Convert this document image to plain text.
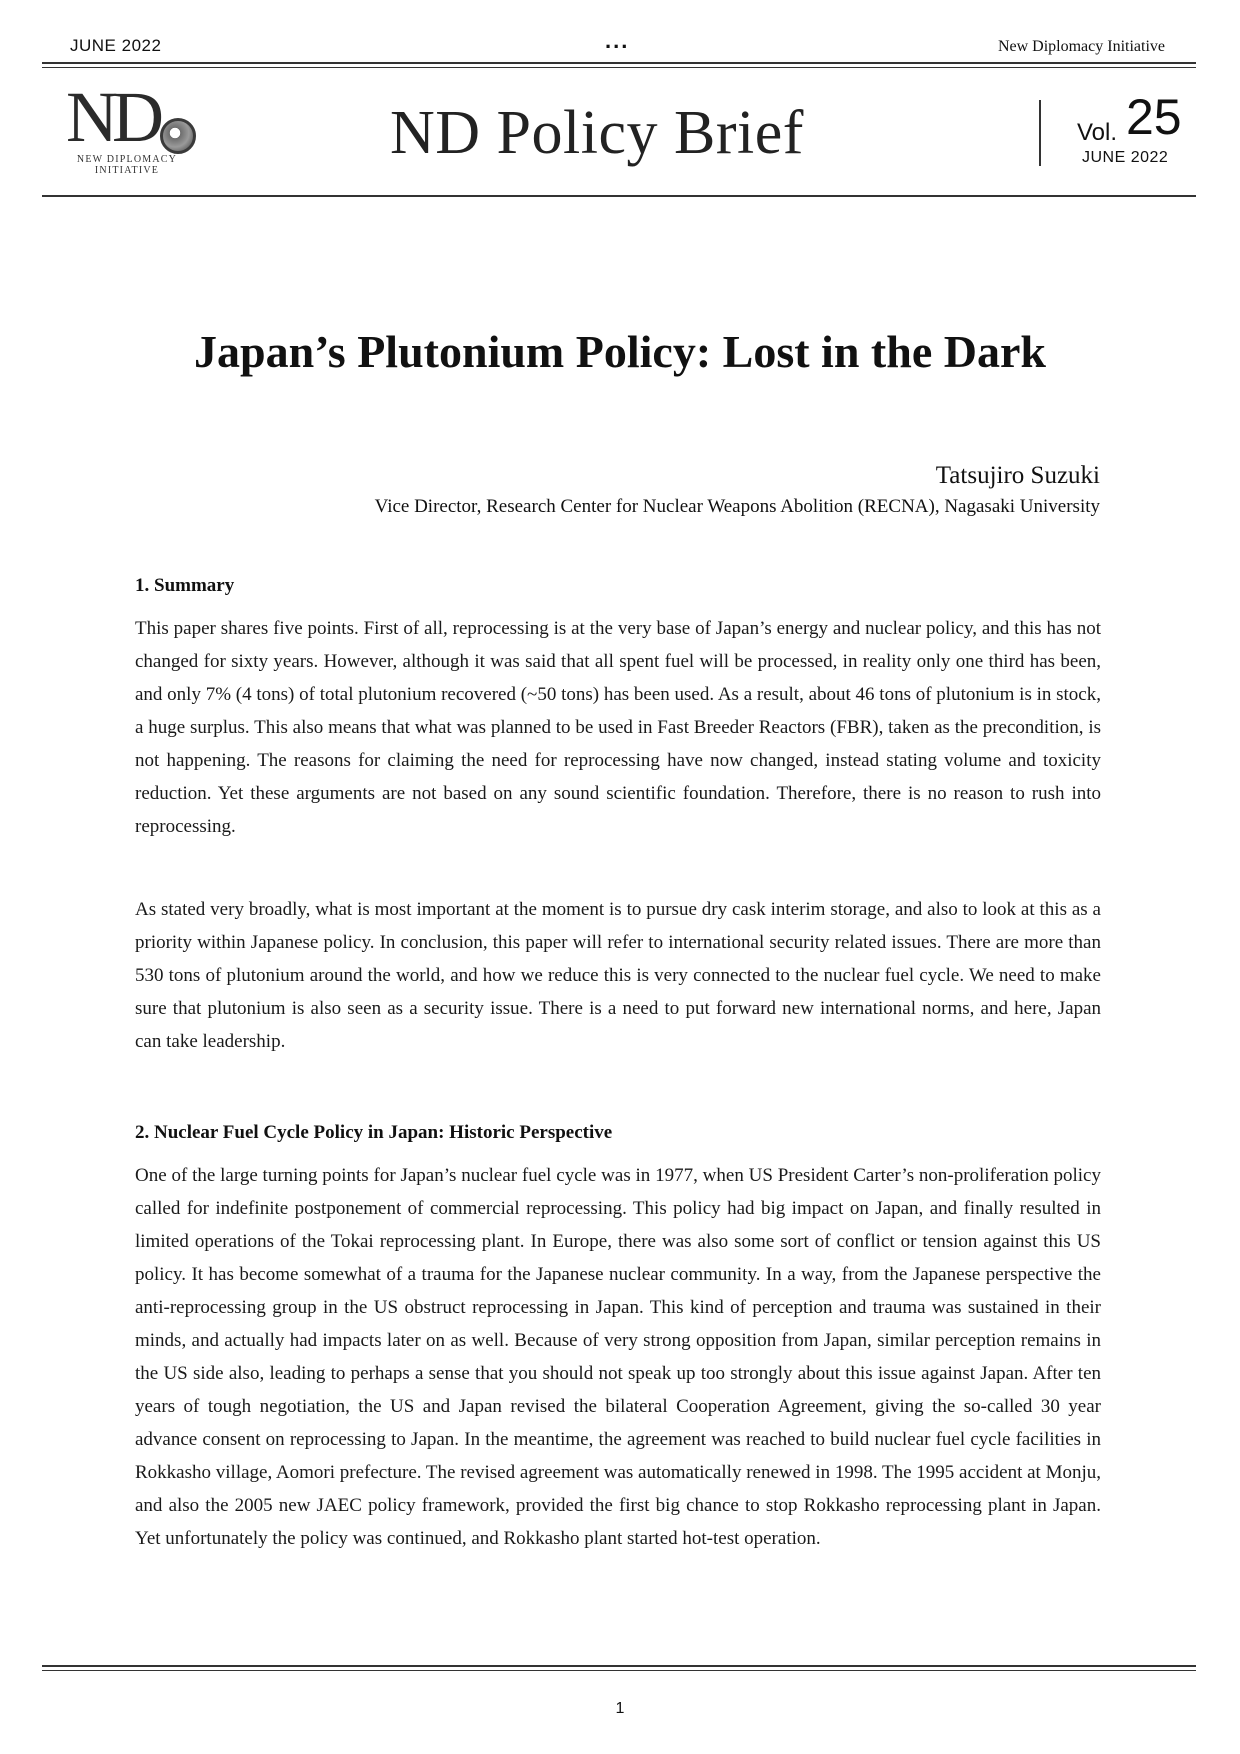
JUNE 2022	...	New Diplomacy Initiative
ND
NEW DIPLOMACY
INITIATIVE
ND Policy Brief	Vol. 25
JUNE 2022
Japan’s Plutonium Policy: Lost in the Dark
Tatsujiro Suzuki
Vice Director, Research Center for Nuclear Weapons Abolition (RECNA), Nagasaki University
1. Summary

This paper shares five points. First of all, reprocessing is at the very base of Japan’s energy and nuclear policy, and this has not changed for sixty years. However, although it was said that all spent fuel will be processed, in reality only one third has been, and only 7% (4 tons) of total plutonium recovered (~50 tons) has been used. As a result, about 46 tons of plutonium is in stock, a huge surplus. This also means that what was planned to be used in Fast Breeder Reactors (FBR), taken as the precondition, is not happening. The reasons for claiming the need for reprocessing have now changed, instead stating volume and toxicity reduction. Yet these arguments are not based on any sound scientific foundation. Therefore, there is no reason to rush into reprocessing.

As stated very broadly, what is most important at the moment is to pursue dry cask interim storage, and also to look at this as a priority within Japanese policy. In conclusion, this paper will refer to international security related issues. There are more than 530 tons of plutonium around the world, and how we reduce this is very connected to the nuclear fuel cycle. We need to make sure that plutonium is also seen as a security issue. There is a need to put forward new international norms, and here, Japan can take leadership.

2. Nuclear Fuel Cycle Policy in Japan: Historic Perspective

One of the large turning points for Japan’s nuclear fuel cycle was in 1977, when US President Carter’s non-proliferation policy called for indefinite postponement of commercial reprocessing. This policy had big impact on Japan, and finally resulted in limited operations of the Tokai reprocessing plant. In Europe, there was also some sort of conflict or tension against this US policy. It has become somewhat of a trauma for the Japanese nuclear community. In a way, from the Japanese perspective the anti-reprocessing group in the US obstruct reprocessing in Japan. This kind of perception and trauma was sustained in their minds, and actually had impacts later on as well. Because of very strong opposition from Japan, similar perception remains in the US side also, leading to perhaps a sense that you should not speak up too strongly about this issue against Japan. After ten years of tough negotiation, the US and Japan revised the bilateral Cooperation Agreement, giving the so-called 30 year advance consent on reprocessing to Japan. In the meantime, the agreement was reached to build nuclear fuel cycle facilities in Rokkasho village, Aomori prefecture. The revised agreement was automatically renewed in 1998. The 1995 accident at Monju, and also the 2005 new JAEC policy framework, provided the first big chance to stop Rokkasho reprocessing plant in Japan. Yet unfortunately the policy was continued, and Rokkasho plant started hot-test operation.

1
